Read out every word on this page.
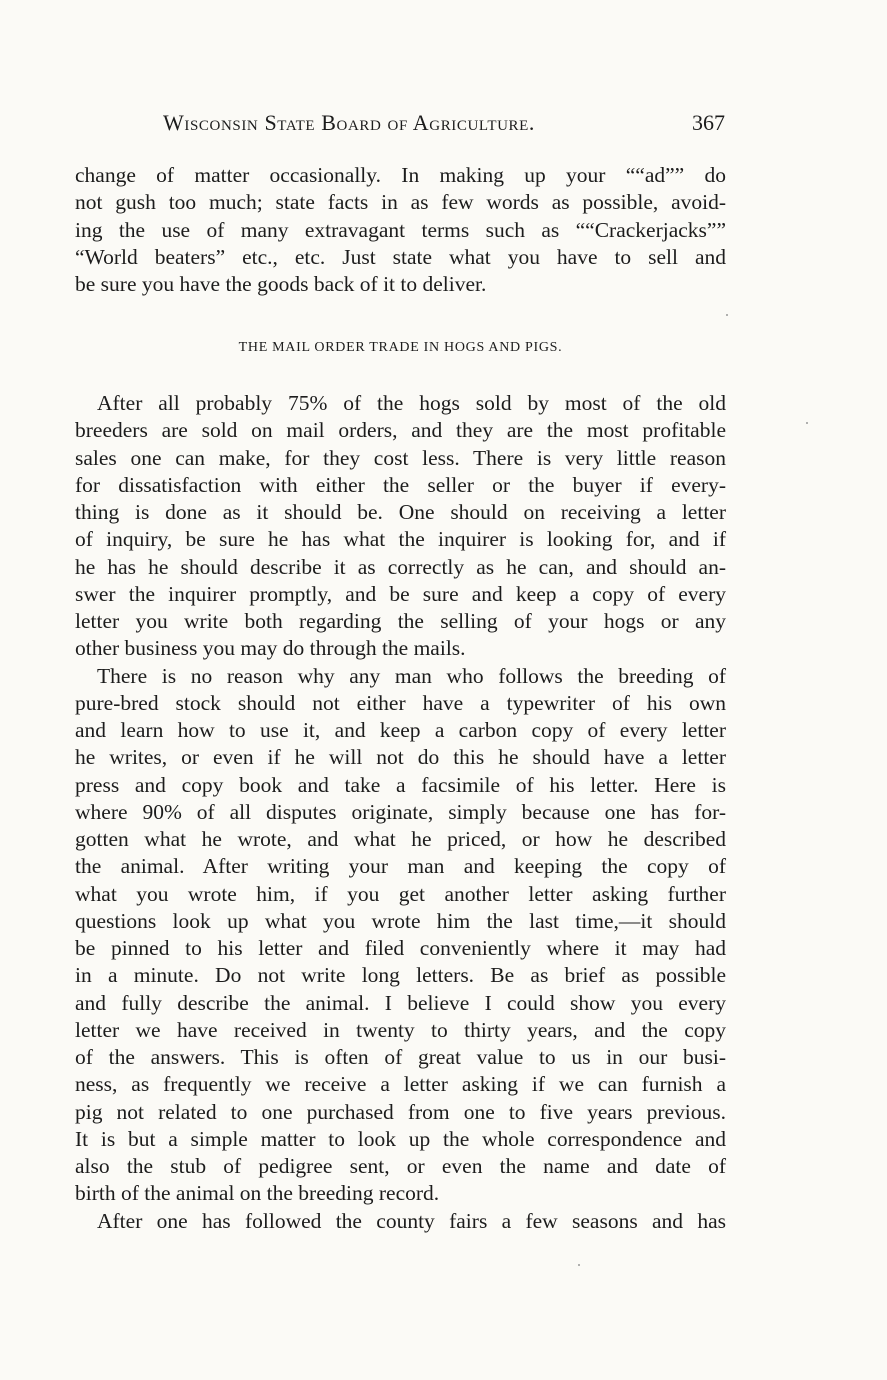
Wisconsin State Board of Agriculture.	367
change of matter occasionally. In making up your ““ad”” do
not gush too much; state facts in as few words as possible, avoid-
ing the use of many extravagant terms such as ““Crackerjacks””
“World beaters” etc., etc. Just state what you have to sell and
be sure you have the goods back of it to deliver.
THE MAIL ORDER TRADE IN HOGS AND PIGS.
After all probably 75% of the hogs sold by most of the old
breeders are sold on mail orders, and they are the most profitable
sales one can make, for they cost less. There is very little reason
for dissatisfaction with either the seller or the buyer if every-
thing is done as it should be. One should on receiving a letter
of inquiry, be sure he has what the inquirer is looking for, and if
he has he should describe it as correctly as he can, and should an-
swer the inquirer promptly, and be sure and keep a copy of every
letter you write both regarding the selling of your hogs or any
other business you may do through the mails.
There is no reason why any man who follows the breeding of
pure-bred stock should not either have a typewriter of his own
and learn how to use it, and keep a carbon copy of every letter
he writes, or even if he will not do this he should have a letter
press and copy book and take a facsimile of his letter. Here is
where 90% of all disputes originate, simply because one has for-
gotten what he wrote, and what he priced, or how he described
the animal. After writing your man and keeping the copy of
what you wrote him, if you get another letter asking further
questions look up what you wrote him the last time,—it should
be pinned to his letter and filed conveniently where it may had
in a minute. Do not write long letters. Be as brief as possible
and fully describe the animal. I believe I could show you every
letter we have received in twenty to thirty years, and the copy
of the answers. This is often of great value to us in our busi-
ness, as frequently we receive a letter asking if we can furnish a
pig not related to one purchased from one to five years previous.
It is but a simple matter to look up the whole correspondence and
also the stub of pedigree sent, or even the name and date of
birth of the animal on the breeding record.
After one has followed the county fairs a few seasons and has
